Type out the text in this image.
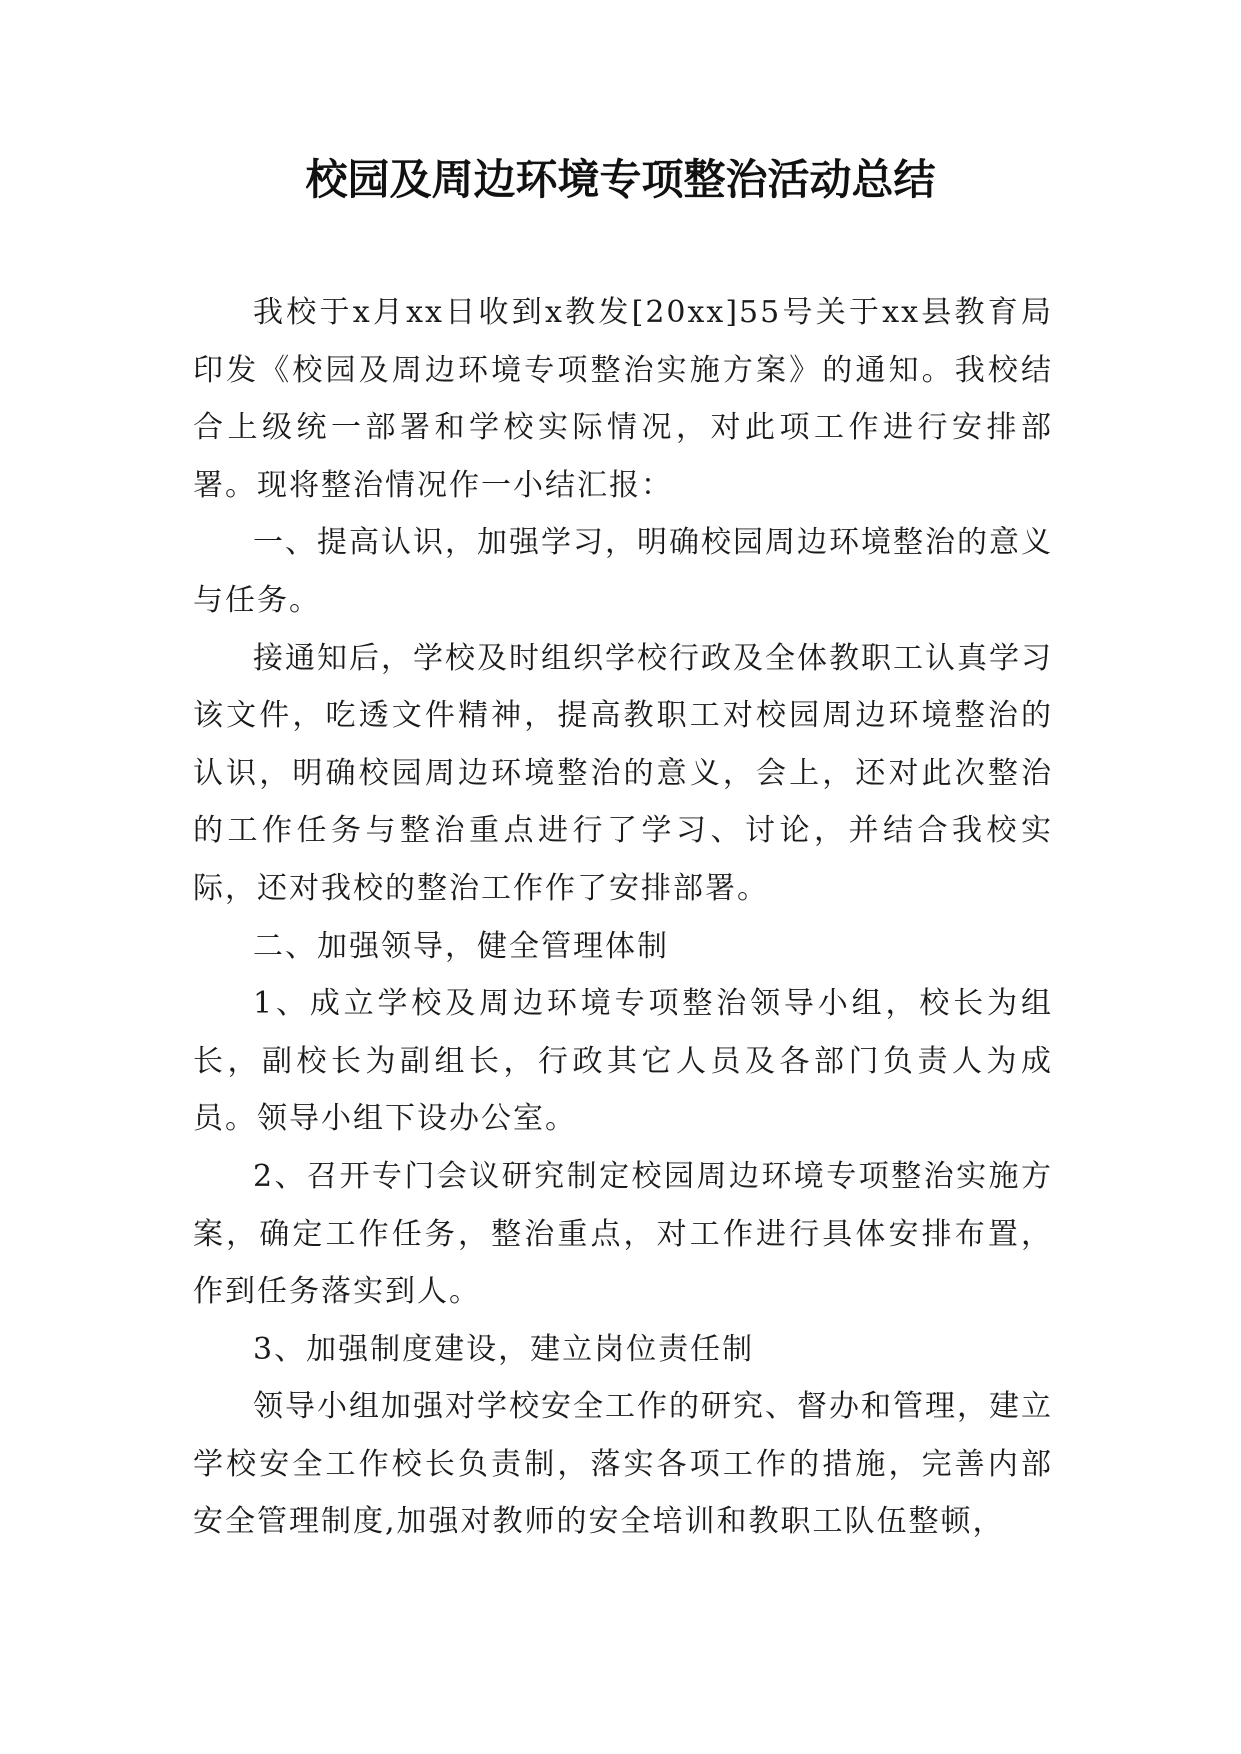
校园及周边环境专项整治活动总结

我校于x月xx日收到x教发[20xx]55号关于xx县教育局印发《校园及周边环境专项整治实施方案》的通知。我校结合上级统一部署和学校实际情况，对此项工作进行安排部署。现将整治情况作一小结汇报：

一、提高认识，加强学习，明确校园周边环境整治的意义与任务。

接通知后，学校及时组织学校行政及全体教职工认真学习该文件，吃透文件精神，提高教职工对校园周边环境整治的认识，明确校园周边环境整治的意义，会上，还对此次整治的工作任务与整治重点进行了学习、讨论，并结合我校实际，还对我校的整治工作作了安排部署。

二、加强领导，健全管理体制

1、成立学校及周边环境专项整治领导小组，校长为组长，副校长为副组长，行政其它人员及各部门负责人为成员。领导小组下设办公室。

2、召开专门会议研究制定校园周边环境专项整治实施方案，确定工作任务，整治重点，对工作进行具体安排布置，作到任务落实到人。

3、加强制度建设，建立岗位责任制

领导小组加强对学校安全工作的研究、督办和管理，建立学校安全工作校长负责制，落实各项工作的措施，完善内部安全管理制度,加强对教师的安全培训和教职工队伍整顿，
